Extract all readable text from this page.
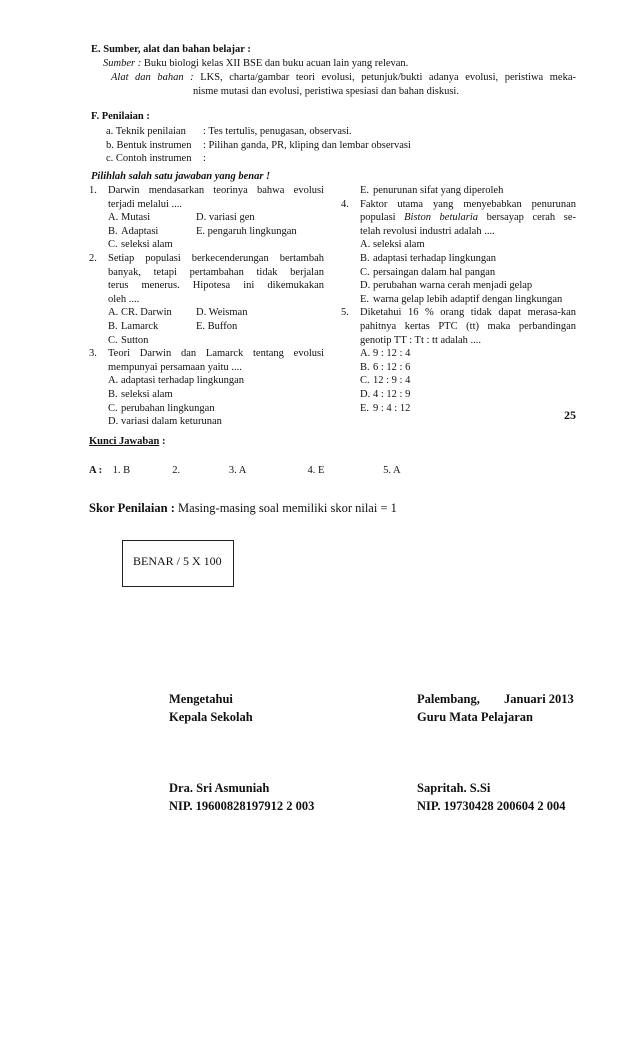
E. Sumber, alat dan bahan belajar :
Sumber : Buku biologi kelas XII BSE dan buku acuan lain yang relevan.
Alat dan bahan : LKS, charta/gambar teori evolusi, petunjuk/bukti adanya evolusi, peristiwa meka-
nisme mutasi dan evolusi, peristiwa spesiasi dan bahan diskusi.
F. Penilaian :
a. Teknik penilaian : Tes tertulis, penugasan, observasi.
b. Bentuk instrumen : Pilihan ganda, PR, kliping dan lembar observasi
c. Contoh instrumen :
Pilihlah salah satu jawaban yang benar !
1. Darwin mendasarkan teorinya bahwa evolusi
terjadi melalui ....
A. Mutasi	D. variasi gen
B. Adaptasi	E. pengaruh lingkungan
C. seleksi alam
2. Setiap populasi berkecenderungan bertambah
banyak, tetapi pertambahan tidak berjalan
terus menerus. Hipotesa ini dikemukakan
oleh ....
A. CR. Darwin D. Weisman
B. Lamarck	E. Buffon
C. Sutton
3. Teori Darwin dan Lamarck tentang evolusi
mempunyai persamaan yaitu ....
A. adaptasi terhadap lingkungan
B. seleksi alam
C. perubahan lingkungan
D. variasi dalam keturunan
E. penurunan sifat yang diperoleh
4. Faktor utama yang menyebabkan penurunan
populasi Biston betularia bersayap cerah se-
telah revolusi industri adalah ....
A. seleksi alam
B. adaptasi terhadap lingkungan
C. persaingan dalam hal pangan
D. perubahan warna cerah menjadi gelap
E. warna gelap lebih adaptif dengan lingkungan
5. Diketahui 16 % orang tidak dapat merasa-kan
pahitnya kertas PTC (tt) maka perbandingan
genotip TT : Tt : tt adalah ....
A. 9 : 12 : 4
B. 6 : 12 : 6
C. 12 : 9 : 4
D. 4 : 12 : 9
E. 9 : 4 : 12	25
Kunci Jawaban :
A : 1. B	2.	3. A	4. E	5. A
Skor Penilaian : Masing-masing soal memiliki skor nilai = 1
BENAR / 5 X 100
Mengetahui
Kepala Sekolah
Palembang, Januari 2013
Guru Mata Pelajaran
Dra. Sri Asmuniah
NIP. 19600828197912 2 003
Sapritah. S.Si
NIP. 19730428 200604 2 004
